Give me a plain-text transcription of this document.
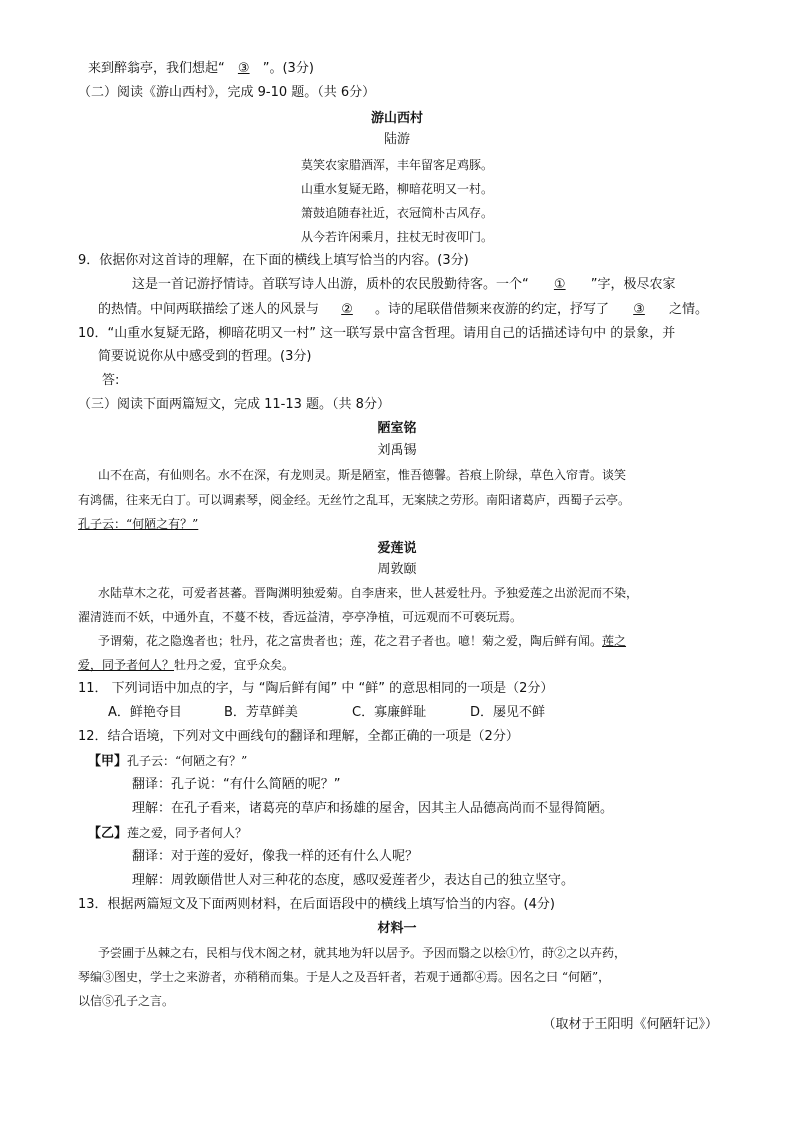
来到醉翁亭，我们想起“ ③ ”。(3分)
（二）阅读《游山西村》，完成 9-10 题。（共 6分）
游山西村
陆游
莫笑农家腊酒浑，丰年留客足鸡豚。
山重水复疑无路，柳暗花明又一村。
箫鼓追随春社近，衣冠简朴古风存。
从今若许闲乘月，拄杖无时夜叩门。
9．依据你对这首诗的理解，在下面的横线上填写恰当的内容。(3分)
这是一首记游抒情诗。首联写诗人出游，质朴的农民殷勤待客。一个“ ① ”字，极尽农家
的热情。中间两联描绘了迷人的风景与 ② 。诗的尾联借借频来夜游的约定，抒写了 ③ 之情。
10．“山重水复疑无路，柳暗花明又一村” 这一联写景中富含哲理。请用自己的话描述诗句中 的景象，并
简要说说你从中感受到的哲理。(3分)
答:
（三）阅读下面两篇短文，完成 11-13 题。（共 8分）
陋室铭
刘禹锡
山不在高，有仙则名。水不在深，有龙则灵。斯是陋室，惟吾德馨。苔痕上阶绿，草色入帘青。谈笑
有鸿儒，往来无白丁。可以调素琴，阅金经。无丝竹之乱耳，无案牍之劳形。南阳诸葛庐，西蜀子云亭。
孔子云：“何陋之有？”
爱莲说
周敦颐
水陆草木之花，可爱者甚蕃。晋陶渊明独爱菊。自李唐来，世人甚爱牡丹。予独爱莲之出淤泥而不染，
濯清涟而不妖，中通外直，不蔓不枝，香远益清，亭亭净植，可远观而不可亵玩焉。
予谓菊，花之隐逸者也；牡丹，花之富贵者也；莲，花之君子者也。噫！菊之爱，陶后鲜有闻。莲之
爱，同予者何人？牡丹之爱，宜乎众矣。
11． 下列词语中加点的字，与 “陶后鲜有闻” 中 “鲜” 的意思相同的一项是（2分）
A．鲜艳夺目	B．芳草鲜美	C．寡廉鲜耻	D．屡见不鲜
12．结合语境，下列对文中画线句的翻译和理解，全都正确的一项是（2分）
【甲】孔子云：“何陋之有？”
翻译：孔子说：“有什么简陋的呢？”
理解：在孔子看来，诸葛亮的草庐和扬雄的屋舍，因其主人品德高尚而不显得简陋。
【乙】莲之爱，同予者何人？
翻译：对于莲的爱好，像我一样的还有什么人呢？
理解：周敦颐借世人对三种花的态度，感叹爱莲者少，表达自己的独立坚守。
13．根据两篇短文及下面两则材料，在后面语段中的横线上填写恰当的内容。(4分)
材料一
予尝圃于丛棘之右，民相与伐木阁之材，就其地为轩以居予。予因而翳之以桧①竹，莳②之以卉药，
琴编③图史，学士之来游者，亦稍稍而集。于是人之及吾轩者，若观于通都④焉。因名之曰 “何陋”，
以信⑤孔子之言。
（取材于王阳明《何陋轩记》）
